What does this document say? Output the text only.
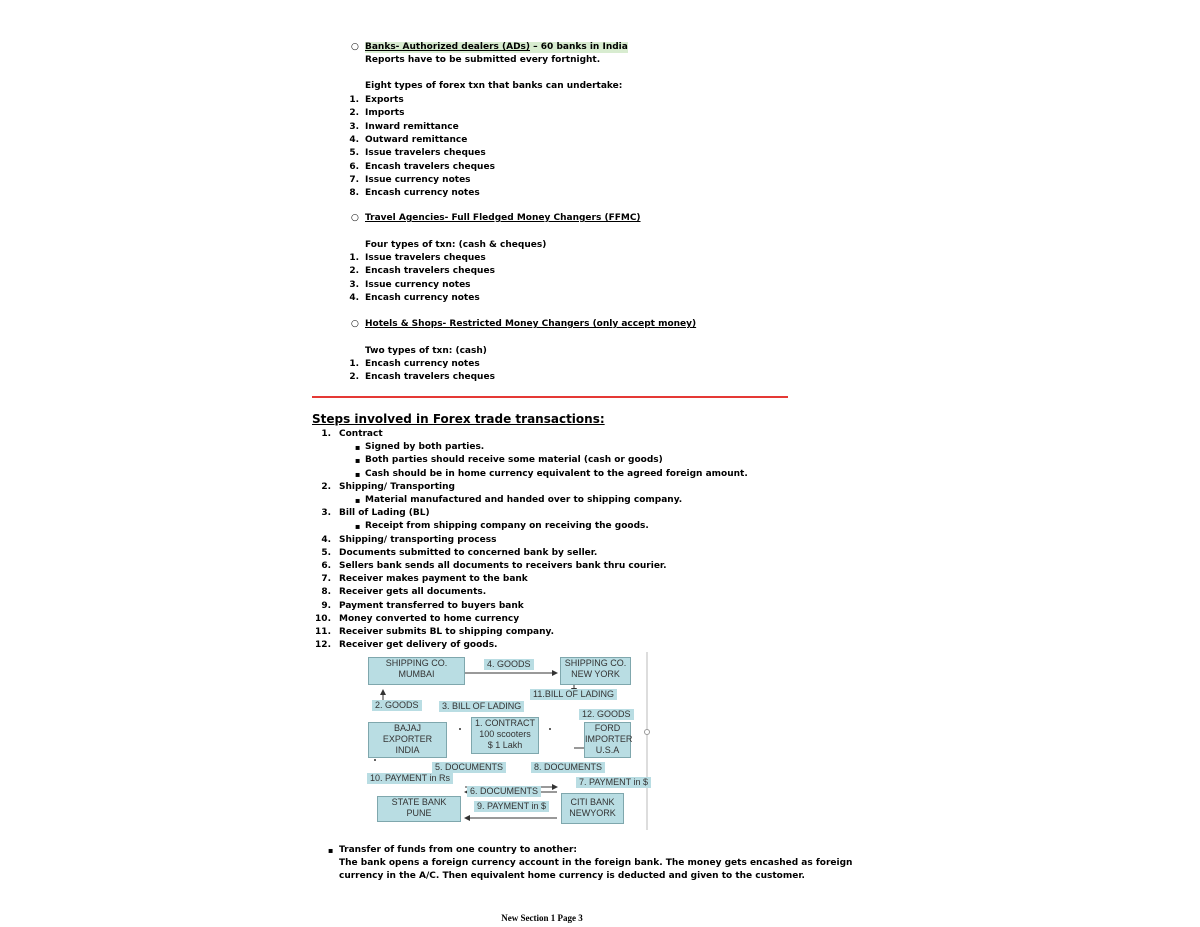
○ Banks- Authorized dealers (ADs) – 60 banks in India
Reports have to be submitted every fortnight.
Eight types of forex txn that banks can undertake:
1. Exports
2. Imports
3. Inward remittance
4. Outward remittance
5. Issue travelers cheques
6. Encash travelers cheques
7. Issue currency notes
8. Encash currency notes
○ Travel Agencies- Full Fledged Money Changers (FFMC)
Four types of txn: (cash & cheques)
1. Issue travelers cheques
2. Encash travelers cheques
3. Issue currency notes
4. Encash currency notes
○ Hotels & Shops- Restricted Money Changers (only accept money)
Two types of txn: (cash)
1. Encash currency notes
2. Encash travelers cheques
Steps involved in Forex trade transactions:
1. Contract
▪ Signed by both parties.
▪ Both parties should receive some material (cash or goods)
▪ Cash should be in home currency equivalent to the agreed foreign amount.
2. Shipping/ Transporting
▪ Material manufactured and handed over to shipping company.
3. Bill of Lading (BL)
▪ Receipt from shipping company on receiving the goods.
4. Shipping/ transporting process
5. Documents submitted to concerned bank by seller.
6. Sellers bank sends all documents to receivers bank thru courier.
7. Receiver makes payment to the bank
8. Receiver gets all documents.
9. Payment transferred to buyers bank
10. Money converted to home currency
11. Receiver submits BL to shipping company.
12. Receiver get delivery of goods.
SHIPPING CO.
MUMBAI
SHIPPING CO.
NEW YORK
4. GOODS
11.BILL OF LADING
2. GOODS	3. BILL OF LADING
12. GOODS
BAJAJ
EXPORTER
INDIA
1. CONTRACT
100 scooters
$ 1 Lakh
FORD
IMPORTER
U.S.A
5. DOCUMENTS	8. DOCUMENTS
10. PAYMENT in Rs	7. PAYMENT in $
6. DOCUMENTS
9. PAYMENT in $
STATE BANK
PUNE
CITI BANK
NEWYORK
▪ Transfer of funds from one country to another:
The bank opens a foreign currency account in the foreign bank. The money gets encashed as foreign
currency in the A/C. Then equivalent home currency is deducted and given to the customer.
New Section 1 Page 3
